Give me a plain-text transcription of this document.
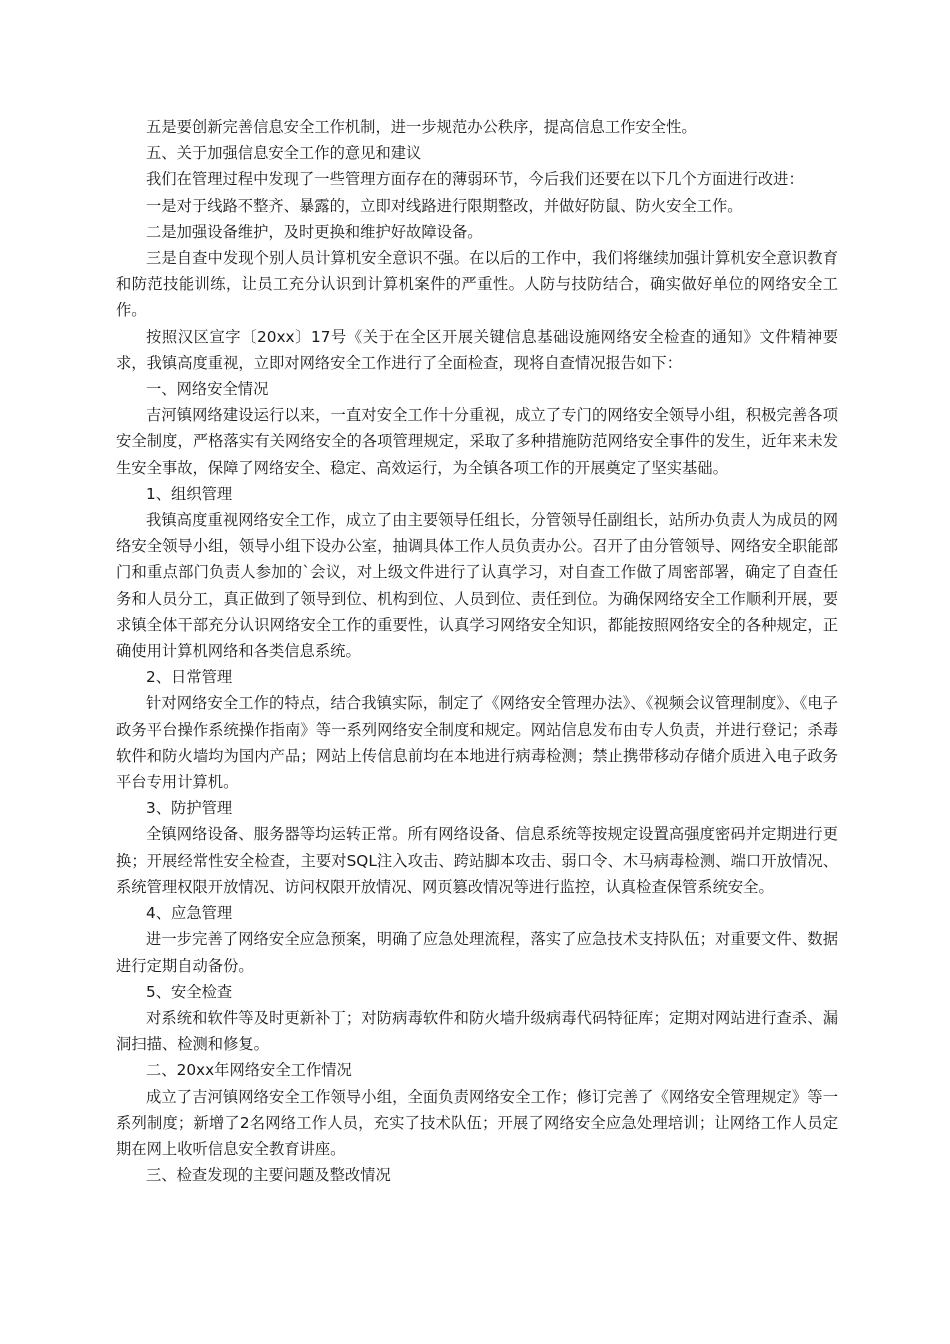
五是要创新完善信息安全工作机制，进一步规范办公秩序，提高信息工作安全性。

五、关于加强信息安全工作的意见和建议

我们在管理过程中发现了一些管理方面存在的薄弱环节，今后我们还要在以下几个方面进行改进：

一是对于线路不整齐、暴露的，立即对线路进行限期整改，并做好防鼠、防火安全工作。

二是加强设备维护，及时更换和维护好故障设备。

三是自查中发现个别人员计算机安全意识不强。在以后的工作中，我们将继续加强计算机安全意识教育和防范技能训练，让员工充分认识到计算机案件的严重性。人防与技防结合，确实做好单位的网络安全工作。

按照汉区宣字〔20xx〕17号《关于在全区开展关键信息基础设施网络安全检查的通知》文件精神要求，我镇高度重视，立即对网络安全工作进行了全面检查，现将自查情况报告如下：

一、网络安全情况

吉河镇网络建设运行以来，一直对安全工作十分重视，成立了专门的网络安全领导小组，积极完善各项安全制度，严格落实有关网络安全的各项管理规定，采取了多种措施防范网络安全事件的发生，近年来未发生安全事故，保障了网络安全、稳定、高效运行，为全镇各项工作的开展奠定了坚实基础。

1、组织管理

我镇高度重视网络安全工作，成立了由主要领导任组长，分管领导任副组长，站所办负责人为成员的网络安全领导小组，领导小组下设办公室，抽调具体工作人员负责办公。召开了由分管领导、网络安全职能部门和重点部门负责人参加的`会议，对上级文件进行了认真学习，对自查工作做了周密部署，确定了自查任务和人员分工，真正做到了领导到位、机构到位、人员到位、责任到位。为确保网络安全工作顺利开展，要求镇全体干部充分认识网络安全工作的重要性，认真学习网络安全知识，都能按照网络安全的各种规定，正确使用计算机网络和各类信息系统。

2、日常管理

针对网络安全工作的特点，结合我镇实际，制定了《网络安全管理办法》、《视频会议管理制度》、《电子政务平台操作系统操作指南》等一系列网络安全制度和规定。网站信息发布由专人负责，并进行登记；杀毒软件和防火墙均为国内产品；网站上传信息前均在本地进行病毒检测；禁止携带移动存储介质进入电子政务平台专用计算机。

3、防护管理

全镇网络设备、服务器等均运转正常。所有网络设备、信息系统等按规定设置高强度密码并定期进行更换；开展经常性安全检查，主要对SQL注入攻击、跨站脚本攻击、弱口令、木马病毒检测、端口开放情况、系统管理权限开放情况、访问权限开放情况、网页篡改情况等进行监控，认真检查保管系统安全。

4、应急管理

进一步完善了网络安全应急预案，明确了应急处理流程，落实了应急技术支持队伍；对重要文件、数据进行定期自动备份。

5、安全检查

对系统和软件等及时更新补丁；对防病毒软件和防火墙升级病毒代码特征库；定期对网站进行查杀、漏洞扫描、检测和修复。

二、20xx年网络安全工作情况

成立了吉河镇网络安全工作领导小组，全面负责网络安全工作；修订完善了《网络安全管理规定》等一系列制度；新增了2名网络工作人员，充实了技术队伍；开展了网络安全应急处理培训；让网络工作人员定期在网上收听信息安全教育讲座。

三、检查发现的主要问题及整改情况
